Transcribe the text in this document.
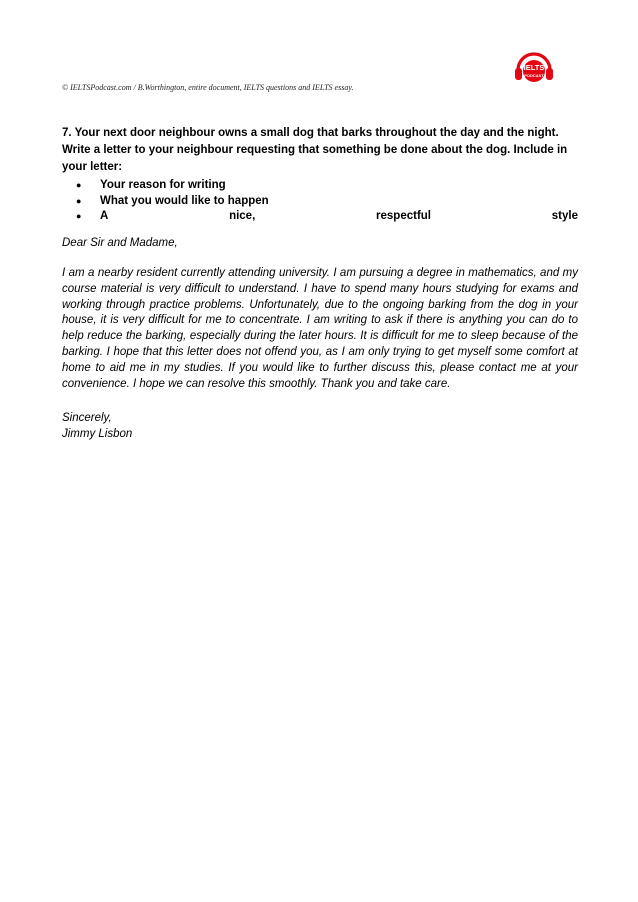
© IELTSPodcast.com / B.Worthington, entire document, IELTS questions and IELTS essay.
IELTS
PODCAST
7. Your next door neighbour owns a small dog that barks throughout the day and the night. Write a letter to your neighbour requesting that something be done about the dog. Include in your letter:
●	Your reason for writing
●	What you would like to happen
●	A	nice,	respectful	style
Dear Sir and Madame,
I am a nearby resident currently attending university. I am pursuing a degree in mathematics, and my course material is very difficult to understand. I have to spend many hours studying for exams and working through practice problems. Unfortunately, due to the ongoing barking from the dog in your house, it is very difficult for me to concentrate. I am writing to ask if there is anything you can do to help reduce the barking, especially during the later hours. It is difficult for me to sleep because of the barking. I hope that this letter does not offend you, as I am only trying to get myself some comfort at home to aid me in my studies. If you would like to further discuss this, please contact me at your convenience. I hope we can resolve this smoothly. Thank you and take care.
Sincerely,
Jimmy Lisbon
